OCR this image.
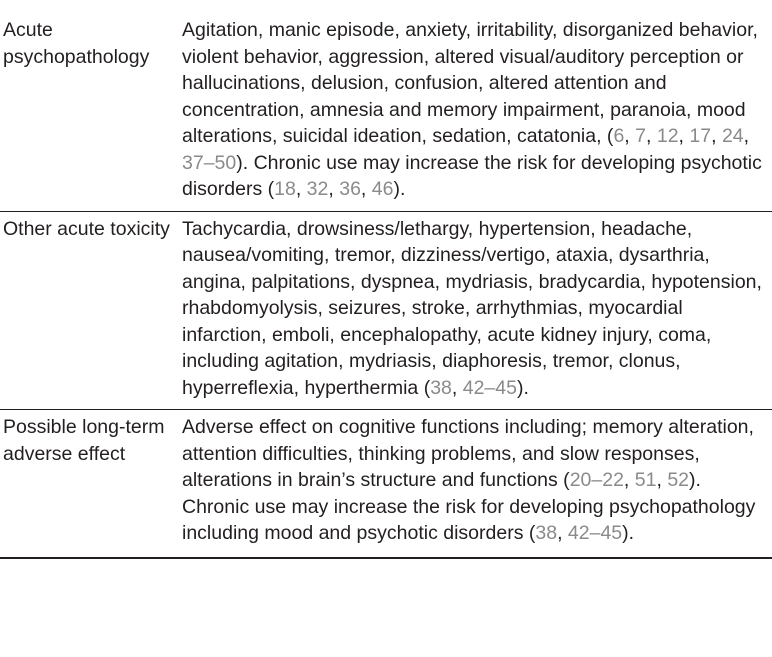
Acute psychopathology	Agitation, manic episode, anxiety, irritability, disorganized behavior, violent behavior, aggression, altered visual/auditory perception or hallucinations, delusion, confusion, altered attention and concentration, amnesia and memory impairment, paranoia, mood alterations, suicidal ideation, sedation, catatonia, (6, 7, 12, 17, 24, 37–50). Chronic use may increase the risk for developing psychotic disorders (18, 32, 36, 46).
Other acute toxicity	Tachycardia, drowsiness/lethargy, hypertension, headache, nausea/vomiting, tremor, dizziness/vertigo, ataxia, dysarthria, angina, palpitations, dyspnea, mydriasis, bradycardia, hypotension, rhabdomyolysis, seizures, stroke, arrhythmias, myocardial infarction, emboli, encephalopathy, acute kidney injury, coma, including agitation, mydriasis, diaphoresis, tremor, clonus, hyperreflexia, hyperthermia (38, 42–45).
Possible long-term adverse effect	Adverse effect on cognitive functions including; memory alteration, attention difficulties, thinking problems, and slow responses, alterations in brain’s structure and functions (20–22, 51, 52). Chronic use may increase the risk for developing psychopathology including mood and psychotic disorders (38, 42–45).
